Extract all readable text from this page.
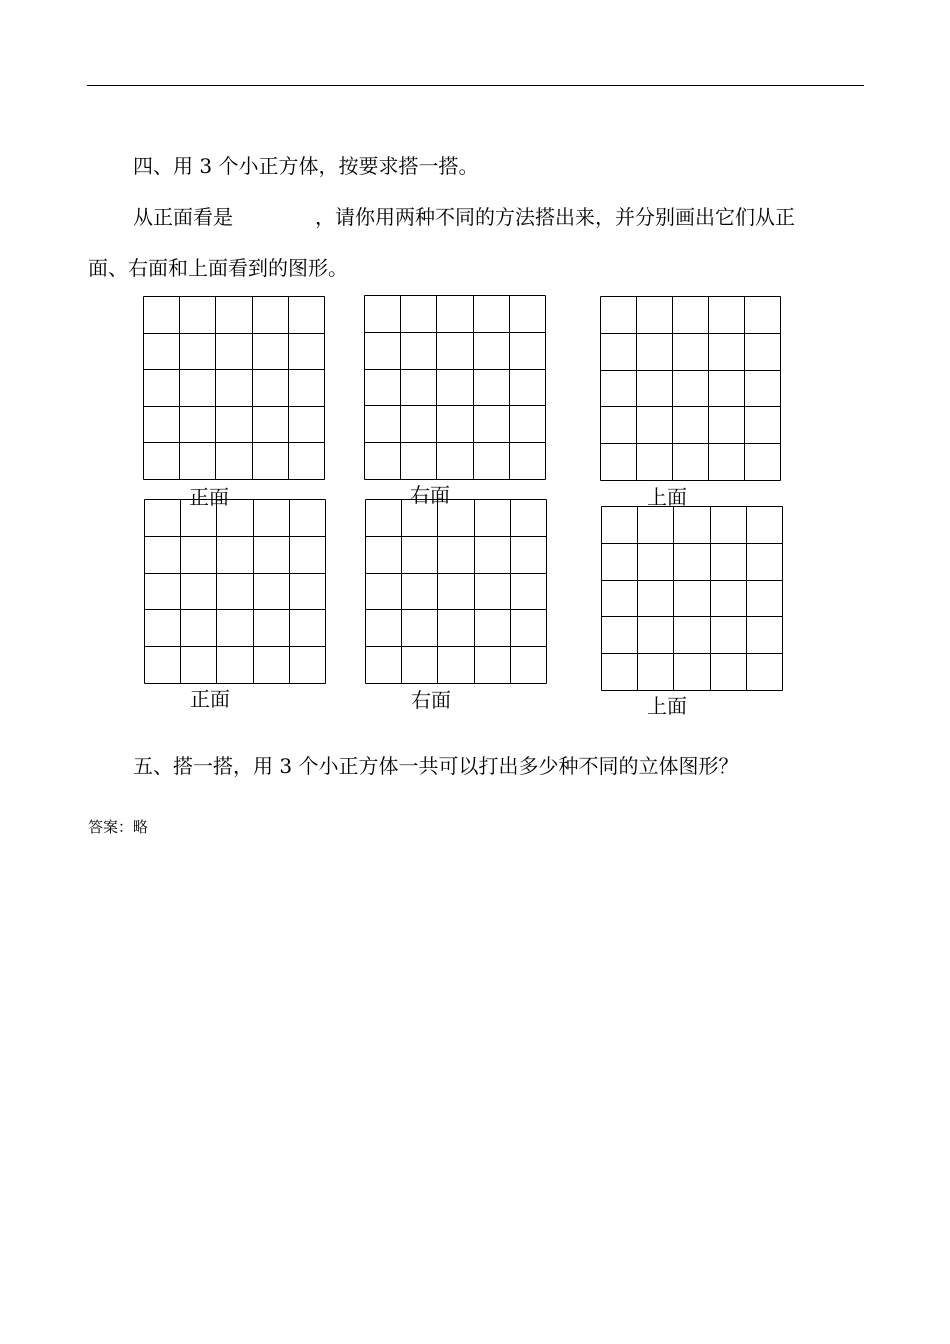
四、用 3 个小正方体，按要求搭一搭。
从正面看是	，请你用两种不同的方法搭出来，并分别画出它们从正
面、右面和上面看到的图形。
正面	右面	上面
正面	右面	上面
五、搭一搭，用 3 个小正方体一共可以打出多少种不同的立体图形？
答案：略
